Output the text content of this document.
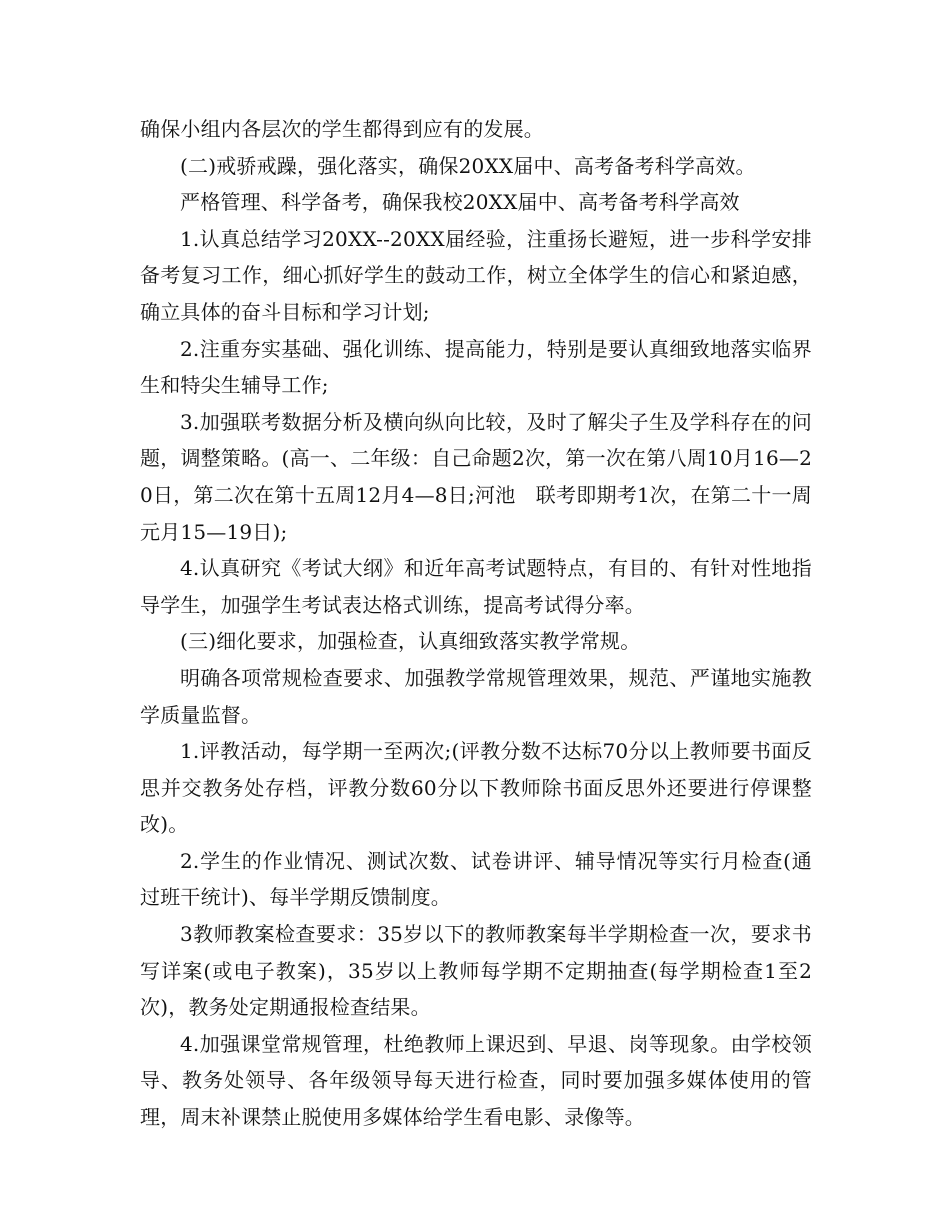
确保小组内各层次的学生都得到应有的发展。

(二)戒骄戒躁，强化落实，确保20XX届中、高考备考科学高效。

严格管理、科学备考，确保我校20XX届中、高考备考科学高效

1.认真总结学习20XX--20XX届经验，注重扬长避短，进一步科学安排备考复习工作，细心抓好学生的鼓动工作，树立全体学生的信心和紧迫感，确立具体的奋斗目标和学习计划;

2.注重夯实基础、强化训练、提高能力，特别是要认真细致地落实临界生和特尖生辅导工作;

3.加强联考数据分析及横向纵向比较，及时了解尖子生及学科存在的问题，调整策略。(高一、二年级：自己命题2次，第一次在第八周10月16—20日，第二次在第十五周12月4—8日;河池　联考即期考1次，在第二十一周元月15—19日);

4.认真研究《考试大纲》和近年高考试题特点，有目的、有针对性地指导学生，加强学生考试表达格式训练，提高考试得分率。

(三)细化要求，加强检查，认真细致落实教学常规。

明确各项常规检查要求、加强教学常规管理效果，规范、严谨地实施教学质量监督。

1.评教活动，每学期一至两次;(评教分数不达标70分以上教师要书面反思并交教务处存档，评教分数60分以下教师除书面反思外还要进行停课整改)。

2.学生的作业情况、测试次数、试卷讲评、辅导情况等实行月检查(通过班干统计)、每半学期反馈制度。

3教师教案检查要求：35岁以下的教师教案每半学期检查一次，要求书写详案(或电子教案)，35岁以上教师每学期不定期抽查(每学期检查1至2次)，教务处定期通报检查结果。

4.加强课堂常规管理，杜绝教师上课迟到、早退、岗等现象。由学校领导、教务处领导、各年级领导每天进行检查，同时要加强多媒体使用的管理，周末补课禁止脱使用多媒体给学生看电影、录像等。
